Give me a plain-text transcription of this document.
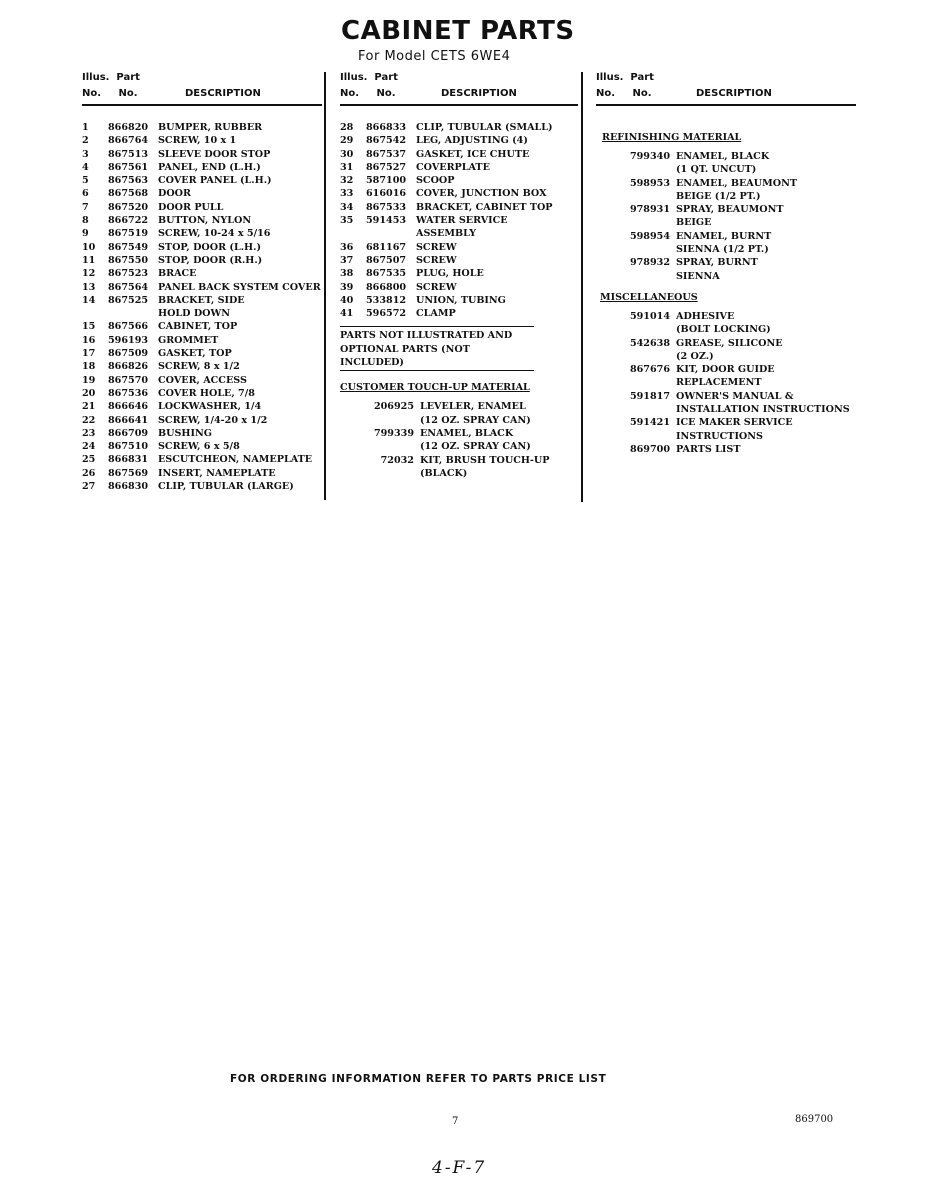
CABINET PARTS

For Model CETS 6WE4

Illus. Part
No. No.	DESCRIPTION
1	866820	BUMPER, RUBBER
2	866764	SCREW, 10 x 1
3	867513	SLEEVE DOOR STOP
4	867561	PANEL, END (L.H.)
5	867563	COVER PANEL (L.H.)
6	867568	DOOR
7	867520	DOOR PULL
8	866722	BUTTON, NYLON
9	867519	SCREW, 10-24 x 5/16
10	867549	STOP, DOOR (L.H.)
11	867550	STOP, DOOR (R.H.)
12	867523	BRACE
13	867564	PANEL BACK SYSTEM COVER
14	867525	BRACKET, SIDE
HOLD DOWN
15	867566	CABINET, TOP
16	596193	GROMMET
17	867509	GASKET, TOP
18	866826	SCREW, 8 x 1/2
19	867570	COVER, ACCESS
20	867536	COVER HOLE, 7/8
21	866646	LOCKWASHER, 1/4
22	866641	SCREW, 1/4-20 x 1/2
23	866709	BUSHING
24	867510	SCREW, 6 x 5/8
25	866831	ESCUTCHEON, NAMEPLATE
26	867569	INSERT, NAMEPLATE
27	866830	CLIP, TUBULAR (LARGE)
Illus. Part
No. No.	DESCRIPTION
28	866833	CLIP, TUBULAR (SMALL)
29	867542	LEG, ADJUSTING (4)
30	867537	GASKET, ICE CHUTE
31	867527	COVERPLATE
32	587100	SCOOP
33	616016	COVER, JUNCTION BOX
34	867533	BRACKET, CABINET TOP
35	591453	WATER SERVICE
ASSEMBLY
36	681167	SCREW
37	867507	SCREW
38	867535	PLUG, HOLE
39	866800	SCREW
40	533812	UNION, TUBING
41	596572	CLAMP
PARTS NOT ILLUSTRATED AND
OPTIONAL PARTS (NOT INCLUDED)
CUSTOMER TOUCH-UP MATERIAL
206925 LEVELER, ENAMEL
(12 OZ. SPRAY CAN)
799339 ENAMEL, BLACK
(12 OZ. SPRAY CAN)
72032 KIT, BRUSH TOUCH-UP
(BLACK)
Illus. Part
No. No.	DESCRIPTION
REFINISHING MATERIAL
799340 ENAMEL, BLACK
(1 QT. UNCUT)
598953 ENAMEL, BEAUMONT
BEIGE (1/2 PT.)
978931 SPRAY, BEAUMONT
BEIGE
598954 ENAMEL, BURNT
SIENNA (1/2 PT.)
978932 SPRAY, BURNT
SIENNA
MISCELLANEOUS
591014 ADHESIVE
(BOLT LOCKING)
542638 GREASE, SILICONE
(2 OZ.)
867676 KIT, DOOR GUIDE REPLACEMENT
591817 OWNER'S MANUAL &
INSTALLATION INSTRUCTIONS
591421 ICE MAKER SERVICE
INSTRUCTIONS
869700 PARTS LIST

FOR ORDERING INFORMATION REFER TO PARTS PRICE LIST

7	869700
4-F-7
